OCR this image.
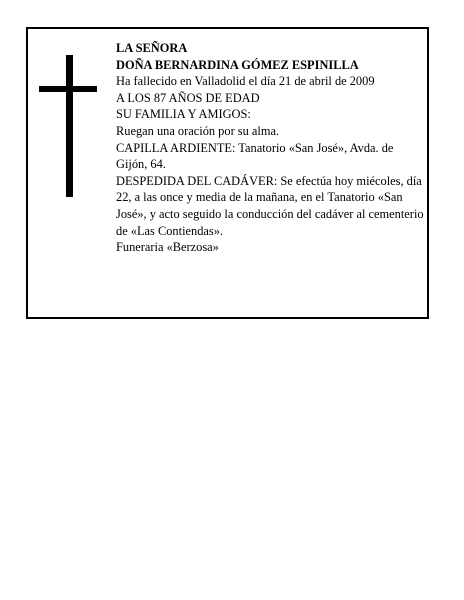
LA SEÑORA
DOÑA BERNARDINA GÓMEZ ESPINILLA
Ha fallecido en Valladolid el día 21 de abril de 2009
A LOS 87 AÑOS DE EDAD
SU FAMILIA Y AMIGOS:
Ruegan una oración por su alma.
CAPILLA ARDIENTE: Tanatorio «San José», Avda. de Gijón, 64.
DESPEDIDA DEL CADÁVER: Se efectúa hoy miécoles, día 22, a las once y media de la mañana, en el Tanatorio «San José», y acto seguido la conducción del cadáver al cementerio de «Las Contiendas».
Funeraria «Berzosa»
